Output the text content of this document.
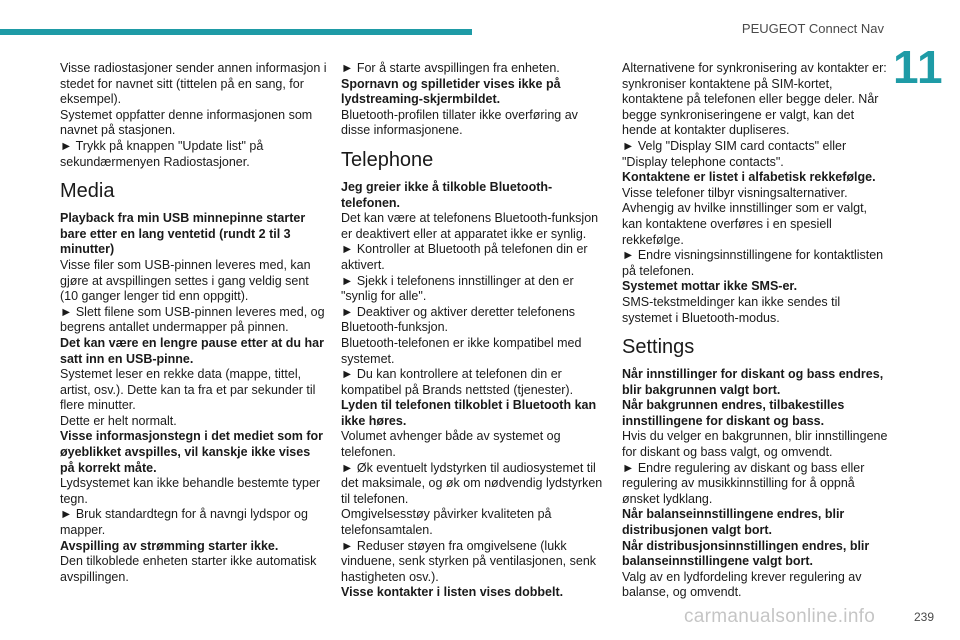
PEUGEOT Connect Nav
11

Visse radiostasjoner sender annen informasjon i stedet for navnet sitt (tittelen på en sang, for eksempel).

Systemet oppfatter denne informasjonen som navnet på stasjonen.

► Trykk på knappen "Update list" på sekundærmenyen Radiostasjoner.

Media

Playback fra min USB minnepinne starter bare etter en lang ventetid (rundt 2 til 3 minutter)

Visse filer som USB-pinnen leveres med, kan gjøre at avspillingen settes i gang veldig sent (10 ganger lenger tid enn oppgitt).

► Slett filene som USB-pinnen leveres med, og begrens antallet undermapper på pinnen.

Det kan være en lengre pause etter at du har satt inn en USB-pinne.

Systemet leser en rekke data (mappe, tittel, artist, osv.). Dette kan ta fra et par sekunder til flere minutter.

Dette er helt normalt.

Visse informasjonstegn i det mediet som for øyeblikket avspilles, vil kanskje ikke vises på korrekt måte.

Lydsystemet kan ikke behandle bestemte typer tegn.

► Bruk standardtegn for å navngi lydspor og mapper.

Avspilling av strømming starter ikke.

Den tilkoblede enheten starter ikke automatisk avspillingen.

► For å starte avspillingen fra enheten.

Spornavn og spilletider vises ikke på lydstreaming-skjermbildet.

Bluetooth-profilen tillater ikke overføring av disse informasjonene.

Telephone

Jeg greier ikke å tilkoble Bluetooth-telefonen.

Det kan være at telefonens Bluetooth-funksjon er deaktivert eller at apparatet ikke er synlig.

► Kontroller at Bluetooth på telefonen din er aktivert.

► Sjekk i telefonens innstillinger at den er "synlig for alle".

► Deaktiver og aktiver deretter telefonens Bluetooth-funksjon.

Bluetooth-telefonen er ikke kompatibel med systemet.

► Du kan kontrollere at telefonen din er kompatibel på Brands nettsted (tjenester).

Lyden til telefonen tilkoblet i Bluetooth kan ikke høres.

Volumet avhenger både av systemet og telefonen.

► Øk eventuelt lydstyrken til audiosystemet til det maksimale, og øk om nødvendig lydstyrken til telefonen.

Omgivelsesstøy påvirker kvaliteten på telefonsamtalen.

► Reduser støyen fra omgivelsene (lukk vinduene, senk styrken på ventilasjonen, senk hastigheten osv.).

Visse kontakter i listen vises dobbelt.

Alternativene for synkronisering av kontakter er: synkroniser kontaktene på SIM-kortet, kontaktene på telefonen eller begge deler. Når begge synkroniseringene er valgt, kan det hende at kontakter dupliseres.

► Velg "Display SIM card contacts" eller "Display telephone contacts".

Kontaktene er listet i alfabetisk rekkefølge.

Visse telefoner tilbyr visningsalternativer. Avhengig av hvilke innstillinger som er valgt, kan kontaktene overføres i en spesiell rekkefølge.

► Endre visningsinnstillingene for kontaktlisten på telefonen.

Systemet mottar ikke SMS-er.

SMS-tekstmeldinger kan ikke sendes til systemet i Bluetooth-modus.

Settings

Når innstillinger for diskant og bass endres, blir bakgrunnen valgt bort.

Når bakgrunnen endres, tilbakestilles innstillingene for diskant og bass.

Hvis du velger en bakgrunnen, blir innstillingene for diskant og bass valgt, og omvendt.

► Endre regulering av diskant og bass eller regulering av musikkinnstilling for å oppnå ønsket lydklang.

Når balanseinnstillingene endres, blir distribusjonen valgt bort.

Når distribusjonsinnstillingen endres, blir balanseinnstillingene valgt bort.

Valg av en lydfordeling krever regulering av balanse, og omvendt.

carmanualsonline.info	239
